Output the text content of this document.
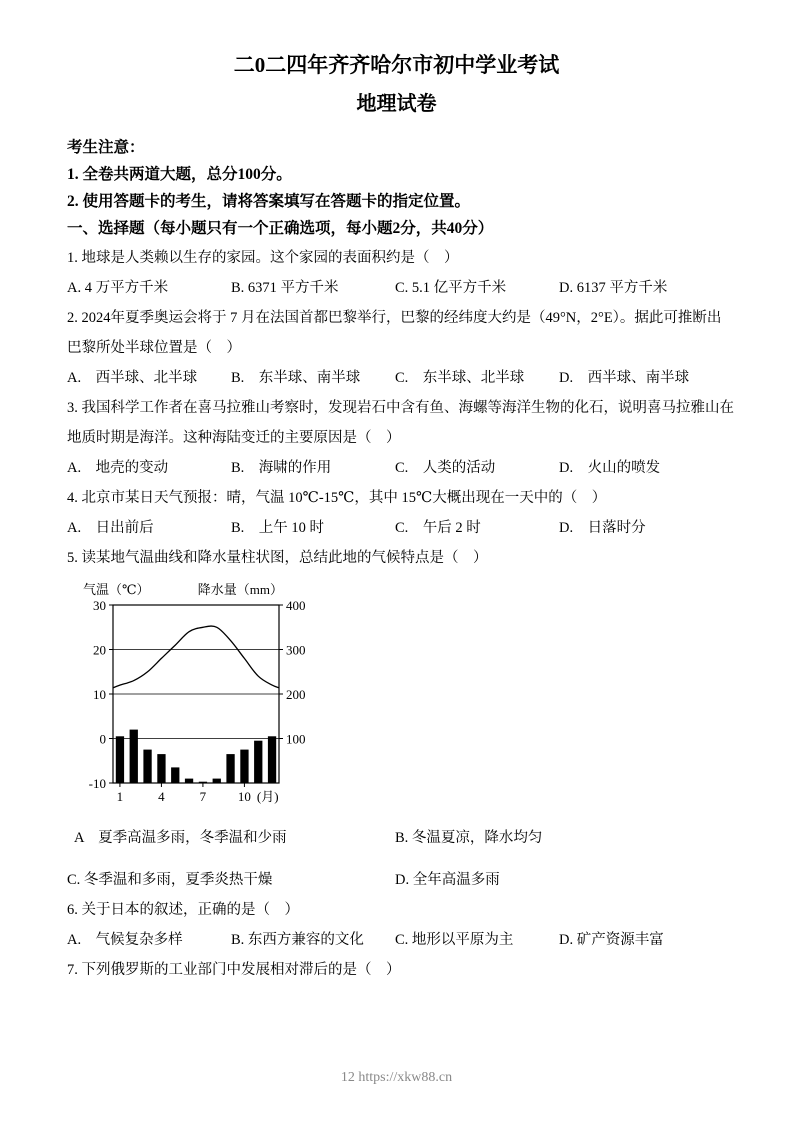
二0二四年齐齐哈尔市初中学业考试
地理试卷
考生注意：
1. 全卷共两道大题，总分100分。
2. 使用答题卡的考生，请将答案填写在答题卡的指定位置。
一、选择题（每小题只有一个正确选项，每小题2分，共40分）
1. 地球是人类赖以生存的家园。这个家园的表面积约是（　）
A. 4 万平方千米	B. 6371 平方千米	C. 5.1 亿平方千米	D. 6137 平方千米
2. 2024年夏季奥运会将于 7 月在法国首都巴黎举行，巴黎的经纬度大约是（49°N，2°E）。据此可推断出
巴黎所处半球位置是（　）
A.　西半球、北半球	B.　东半球、南半球	C.　东半球、北半球	D.　西半球、南半球
3. 我国科学工作者在喜马拉雅山考察时，发现岩石中含有鱼、海螺等海洋生物的化石，说明喜马拉雅山在
地质时期是海洋。这种海陆变迁的主要原因是（　）
A.　地壳的变动	B.　海啸的作用	C.　人类的活动	D.　火山的喷发
4. 北京市某日天气预报：晴，气温 10℃-15℃，其中 15℃大概出现在一天中的（　）
A.　日出前后	B.　上午 10 时	C.　午后 2 时	D.　日落时分
5. 读某地气温曲线和降水量柱状图，总结此地的气候特点是（　）
30
20
10
0
-10
400
300
200
100
气温（℃）	降水量（mm）
1	4	7 10 (月)
A　夏季高温多雨，冬季温和少雨	B. 冬温夏凉，降水均匀
C. 冬季温和多雨，夏季炎热干燥	D. 全年高温多雨
6. 关于日本的叙述，正确的是（　）
A.　气候复杂多样	B. 东西方兼容的文化	C. 地形以平原为主	D. 矿产资源丰富
7. 下列俄罗斯的工业部门中发展相对滞后的是（　）
12 https://xkw88.cn
